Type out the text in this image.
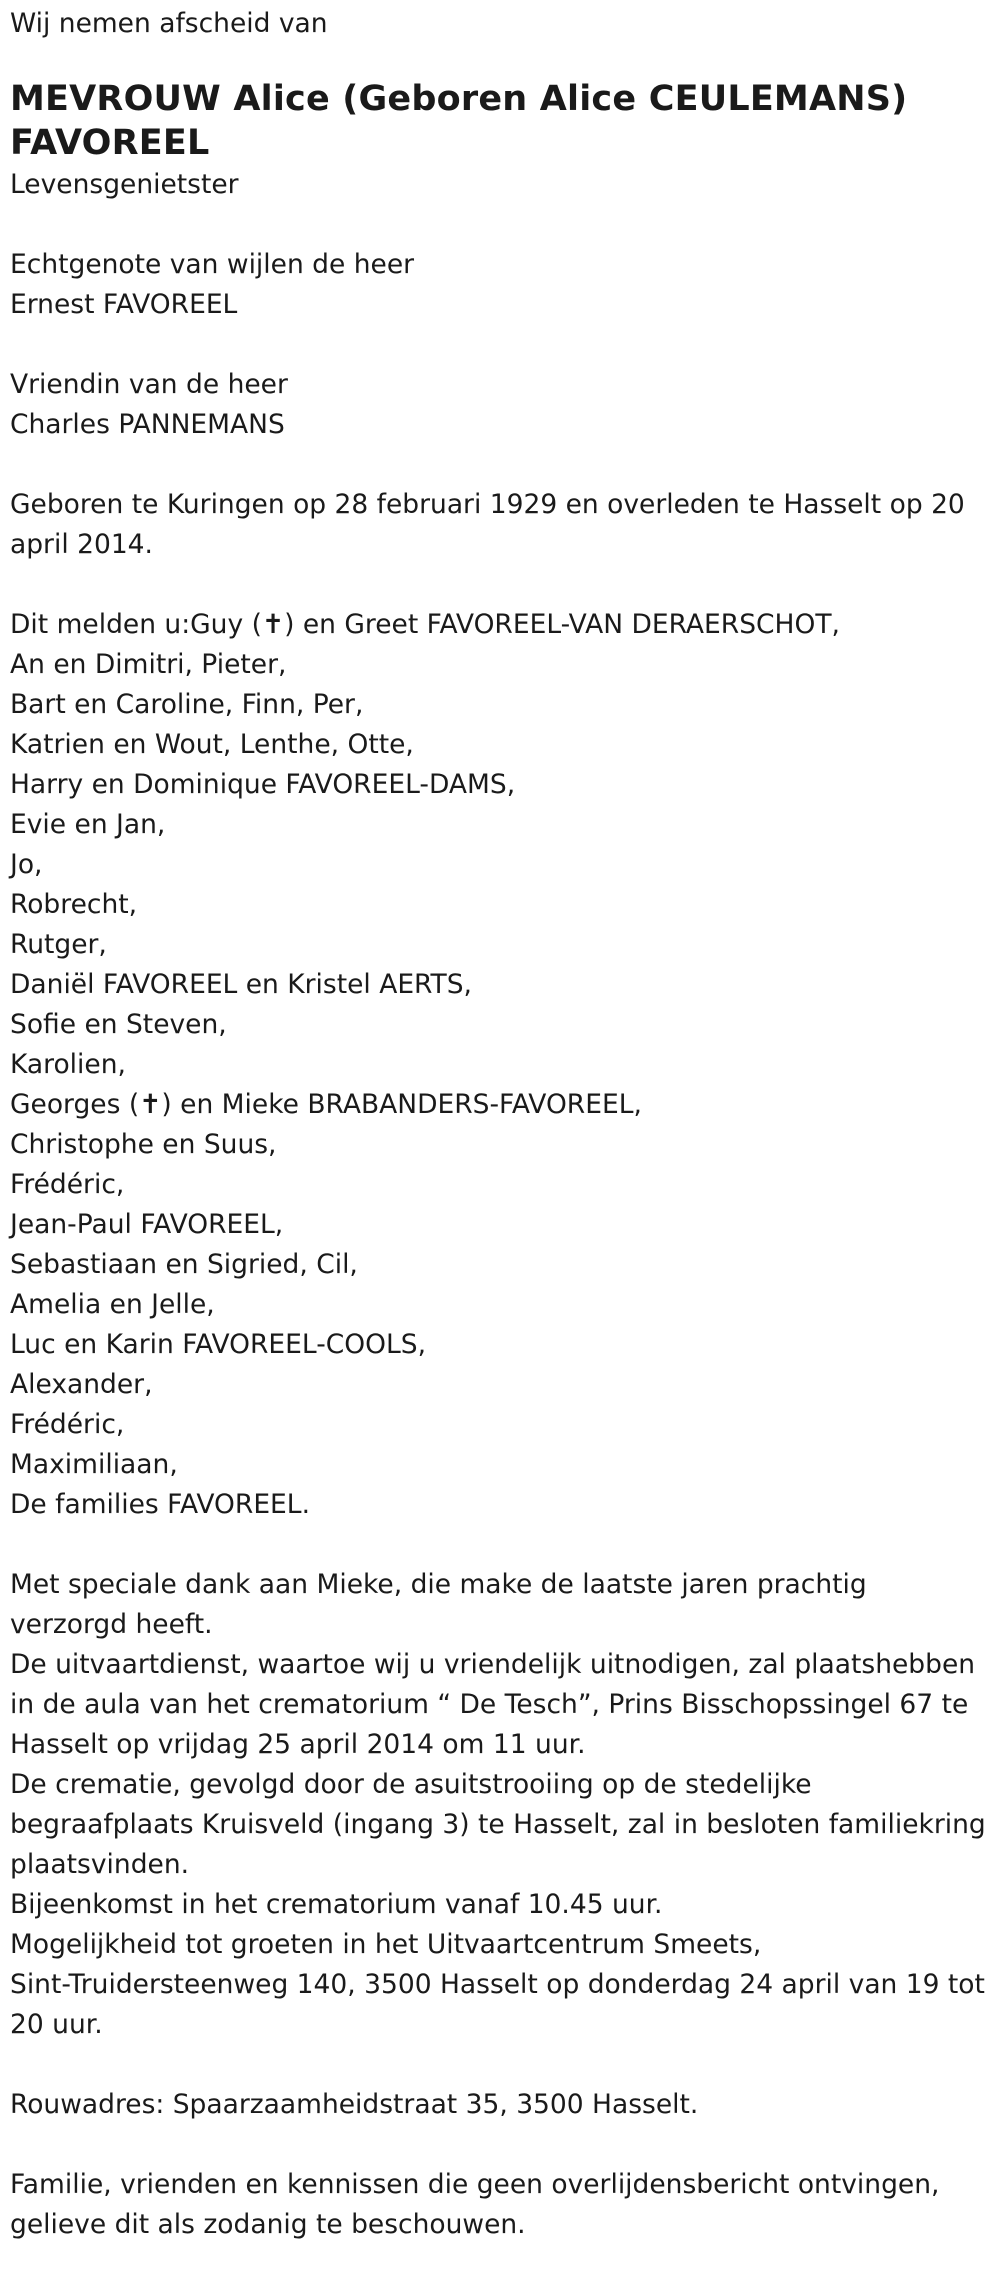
Wij nemen afscheid van
MEVROUW Alice (Geboren Alice CEULEMANS)
FAVOREEL
Levensgenietster
Echtgenote van wijlen de heer
Ernest FAVOREEL
Vriendin van de heer
Charles PANNEMANS
Geboren te Kuringen op 28 februari 1929 en overleden te Hasselt op 20
april 2014.
Dit melden u:Guy (✝) en Greet FAVOREEL-VAN DERAERSCHOT,
An en Dimitri, Pieter,
Bart en Caroline, Finn, Per,
Katrien en Wout, Lenthe, Otte,
Harry en Dominique FAVOREEL-DAMS,
Evie en Jan,
Jo,
Robrecht,
Rutger,
Daniël FAVOREEL en Kristel AERTS,
Sofie en Steven,
Karolien,
Georges (✝) en Mieke BRABANDERS-FAVOREEL,
Christophe en Suus,
Frédéric,
Jean-Paul FAVOREEL,
Sebastiaan en Sigried, Cil,
Amelia en Jelle,
Luc en Karin FAVOREEL-COOLS,
Alexander,
Frédéric,
Maximiliaan,
De families FAVOREEL.
Met speciale dank aan Mieke, die make de laatste jaren prachtig
verzorgd heeft.
De uitvaartdienst, waartoe wij u vriendelijk uitnodigen, zal plaatshebben
in de aula van het crematorium “ De Tesch”, Prins Bisschopssingel 67 te
Hasselt op vrijdag 25 april 2014 om 11 uur.
De crematie, gevolgd door de asuitstrooiing op de stedelijke
begraafplaats Kruisveld (ingang 3) te Hasselt, zal in besloten familiekring
plaatsvinden.
Bijeenkomst in het crematorium vanaf 10.45 uur.
Mogelijkheid tot groeten in het Uitvaartcentrum Smeets,
Sint-Truidersteenweg 140, 3500 Hasselt op donderdag 24 april van 19 tot
20 uur.
Rouwadres: Spaarzaamheidstraat 35, 3500 Hasselt.
Familie, vrienden en kennissen die geen overlijdensbericht ontvingen,
gelieve dit als zodanig te beschouwen.
